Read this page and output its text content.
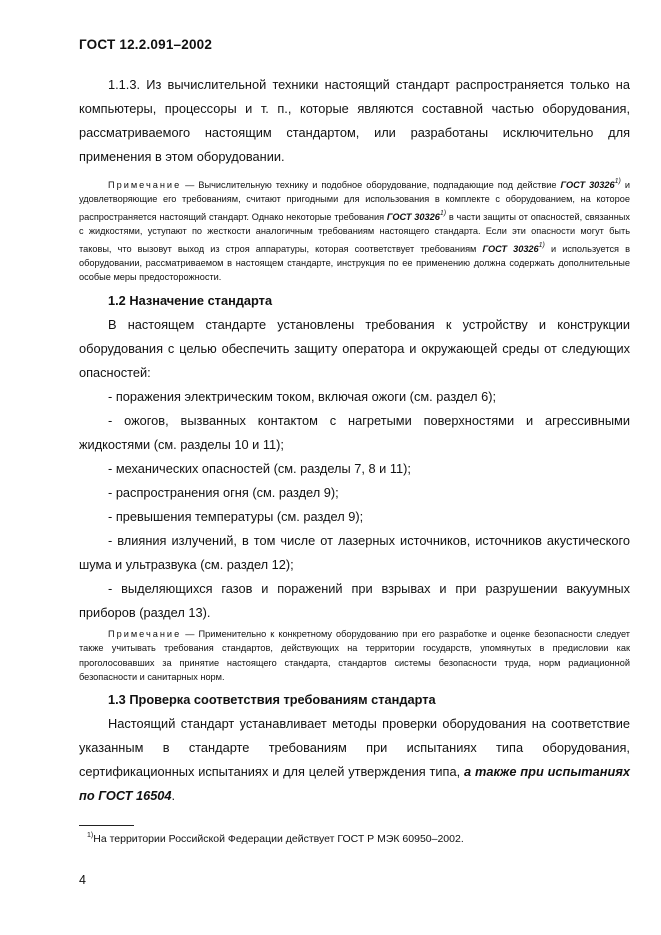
ГОСТ 12.2.091–2002

1.1.3. Из вычислительной техники настоящий стандарт распространяется только на компьютеры, процессоры и т. п., которые являются составной частью оборудования, рассматриваемого настоящим стандартом, или разработаны исключительно для применения в этом оборудовании.

Примечание — Вычислительную технику и подобное оборудование, подпадающие под действие ГОСТ 30326$^{1)}$ и удовлетворяющие его требованиям, считают пригодными для использования в комплекте с оборудованием, на которое распространяется настоящий стандарт. Однако некоторые требования ГОСТ 30326$^{1)}$ в части защиты от опасностей, связанных с жидкостями, уступают по жесткости аналогичным требованиям настоящего стандарта. Если эти опасности могут быть таковы, что вызовут выход из строя аппаратуры, которая соответствует требованиям ГОСТ 30326$^{1)}$ и используется в оборудовании, рассматриваемом в настоящем стандарте, инструкция по ее применению должна содержать дополнительные особые меры предосторожности.

1.2 Назначение стандарта

В настоящем стандарте установлены требования к устройству и конструкции оборудования с целью обеспечить защиту оператора и окружающей среды от следующих опасностей:

- поражения электрическим током, включая ожоги (см. раздел 6);

- ожогов, вызванных контактом с нагретыми поверхностями и агрессивными жидкостями (см. разделы 10 и 11);

- механических опасностей (см. разделы 7, 8 и 11);

- распространения огня (см. раздел 9);

- превышения температуры (см. раздел 9);

- влияния излучений, в том числе от лазерных источников, источников акустического шума и ультразвука (см. раздел 12);

- выделяющихся газов и поражений при взрывах и при разрушении вакуумных приборов (раздел 13).

Примечание — Применительно к конкретному оборудованию при его разработке и оценке безопасности следует также учитывать требования стандартов, действующих на территории государств, упомянутых в предисловии как проголосовавших за принятие настоящего стандарта, стандартов системы безопасности труда, норм радиационной безопасности и санитарных норм.

1.3 Проверка соответствия требованиям стандарта

Настоящий стандарт устанавливает методы проверки оборудования на соответствие указанным в стандарте требованиям при испытаниях типа оборудования, сертификационных испытаниях и для целей утверждения типа, а также при испытаниях по ГОСТ 16504.

$^{1)}$На территории Российской Федерации действует ГОСТ Р МЭК 60950–2002.
4
